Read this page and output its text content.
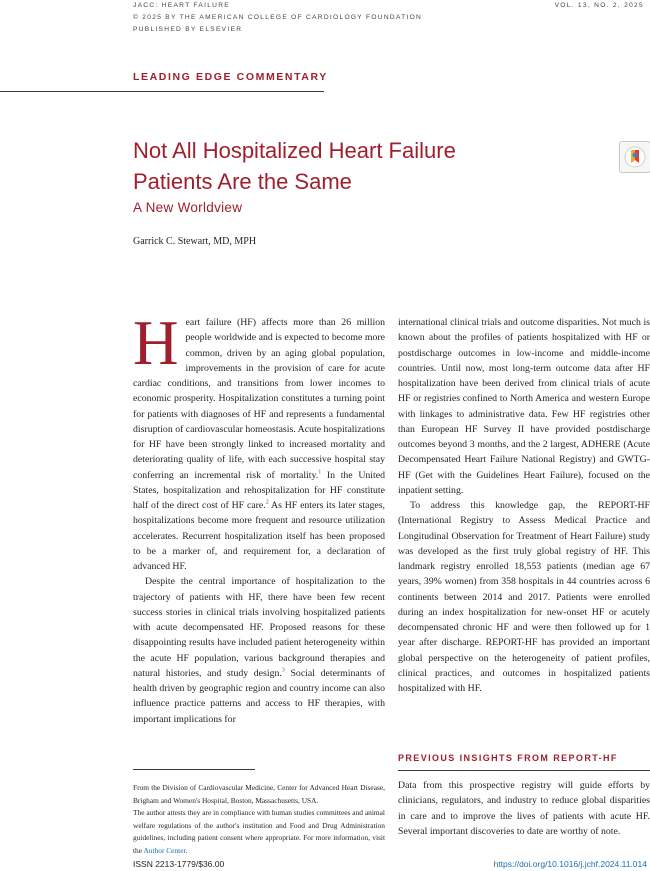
JACC: HEART FAILURE
© 2025 BY THE AMERICAN COLLEGE OF CARDIOLOGY FOUNDATION
PUBLISHED BY ELSEVIER
VOL. 13, NO. 2, 2025
LEADING EDGE COMMENTARY
Not All Hospitalized Heart Failure
Patients Are the Same
A New Worldview
Garrick C. Stewart, MD, MPH

Heart failure (HF) affects more than 26 million people worldwide and is expected to become more common, driven by an aging global population, improvements in the provision of care for acute cardiac conditions, and transitions from lower incomes to economic prosperity. Hospitalization constitutes a turning point for patients with diagnoses of HF and represents a fundamental disruption of cardiovascular homeostasis. Acute hospitalizations for HF have been strongly linked to increased mortality and deteriorating quality of life, with each successive hospital stay conferring an incremental risk of mortality.$^1$ In the United States, hospitalization and rehospitalization for HF constitute half of the direct cost of HF care.$^2$ As HF enters its later stages, hospitalizations become more frequent and resource utilization accelerates. Recurrent hospitalization itself has been proposed to be a marker of, and requirement for, a declaration of advanced HF.

Despite the central importance of hospitalization to the trajectory of patients with HF, there have been few recent success stories in clinical trials involving hospitalized patients with acute decompensated HF. Proposed reasons for these disappointing results have included patient heterogeneity within the acute HF population, various background therapies and natural histories, and study design.$^3$ Social determinants of health driven by geographic region and country income can also influence practice patterns and access to HF therapies, with important implications for

international clinical trials and outcome disparities. Not much is known about the profiles of patients hospitalized with HF or postdischarge outcomes in low-income and middle-income countries. Until now, most long-term outcome data after HF hospitalization have been derived from clinical trials of acute HF or registries confined to North America and western Europe with linkages to administrative data. Few HF registries other than European HF Survey II have provided postdischarge outcomes beyond 3 months, and the 2 largest, ADHERE (Acute Decompensated Heart Failure National Registry) and GWTG-HF (Get with the Guidelines Heart Failure), focused on the inpatient setting.

To address this knowledge gap, the REPORT-HF (International Registry to Assess Medical Practice and Longitudinal Observation for Treatment of Heart Failure) study was developed as the first truly global registry of HF. This landmark registry enrolled 18,553 patients (median age 67 years, 39% women) from 358 hospitals in 44 countries across 6 continents between 2014 and 2017. Patients were enrolled during an index hospitalization for new-onset HF or acutely decompensated chronic HF and were then followed up for 1 year after discharge. REPORT-HF has provided an important global perspective on the heterogeneity of patient profiles, clinical practices, and outcomes in hospitalized patients hospitalized with HF.

PREVIOUS INSIGHTS FROM REPORT-HF

Data from this prospective registry will guide efforts by clinicians, regulators, and industry to reduce global disparities in care and to improve the lives of patients with acute HF. Several important discoveries to date are worthy of note.

From the Division of Cardiovascular Medicine, Center for Advanced Heart Disease, Brigham and Women's Hospital, Boston, Massachusetts, USA.

The author attests they are in compliance with human studies committees and animal welfare regulations of the author's institution and Food and Drug Administration guidelines, including patient consent where appropriate. For more information, visit the Author Center.

ISSN 2213-1779/$36.00	https://doi.org/10.1016/j.jchf.2024.11.014
